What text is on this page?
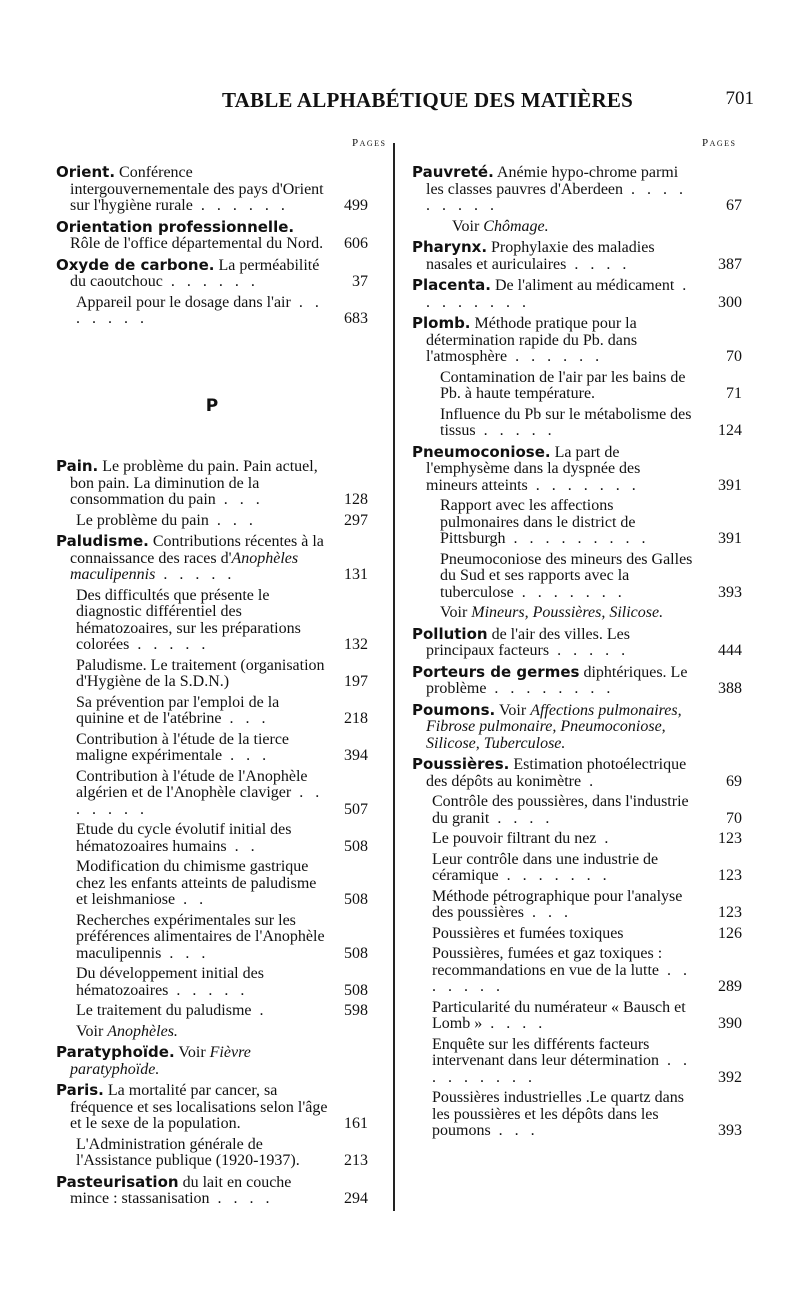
TABLE ALPHABÉTIQUE DES MATIÈRES	701
Pages	Pages
Orient. Conférence intergouvernementale des pays d'Orient sur l'hygiène rurale . . . . . .	499
Orientation professionnelle. Rôle de l'office départemental du Nord.	606
Oxyde de carbone. La perméabilité du caoutchouc . . . . . .	37
Appareil pour le dosage dans l'air . . . . . . .	683
P
Pain. Le problème du pain. Pain actuel, bon pain. La diminution de la consommation du pain . . .	128
Le problème du pain . . .	297
Paludisme. Contributions récentes à la connaissance des races d'Anophèles maculipennis . . . . .	131
Des difficultés que présente le diagnostic différentiel des hématozoaires, sur les préparations colorées . . . . .	132
Paludisme. Le traitement (organisation d'Hygiène de la S.D.N.)	197
Sa prévention par l'emploi de la quinine et de l'atébrine . . .	218
Contribution à l'étude de la tierce maligne expérimentale . . .	394
Contribution à l'étude de l'Anophèle algérien et de l'Anophèle claviger . . . . . . .	507
Etude du cycle évolutif initial des hématozoaires humains . .	508
Modification du chimisme gastrique chez les enfants atteints de paludisme et leishmaniose . .	508
Recherches expérimentales sur les préférences alimentaires de l'Anophèle maculipennis . . .	508
Du développement initial des hématozoaires . . . . .	508
Le traitement du paludisme .	598
Voir Anophèles.
Paratyphoïde. Voir Fièvre paratyphoïde.
Paris. La mortalité par cancer, sa fréquence et ses localisations selon l'âge et le sexe de la population.	161
L'Administration générale de l'Assistance publique (1920-1937).	213
Pasteurisation du lait en couche mince : stassanisation . . . .	294
Pauvreté. Anémie hypo-chrome parmi les classes pauvres d'Aberdeen . . . . . . . . .	67
Voir Chômage.
Pharynx. Prophylaxie des maladies nasales et auriculaires . . . .	387
Placenta. De l'aliment au médicament . . . . . . . .	300
Plomb. Méthode pratique pour la détermination rapide du Pb. dans l'atmosphère . . . . . .	70
Contamination de l'air par les bains de Pb. à haute température.	71
Influence du Pb sur le métabolisme des tissus . . . . .	124
Pneumoconiose. La part de l'emphysème dans la dyspnée des mineurs atteints . . . . . . .	391
Rapport avec les affections pulmonaires dans le district de Pittsburgh . . . . . . . . .	391
Pneumoconiose des mineurs des Galles du Sud et ses rapports avec la tuberculose . . . . . . .	393
Voir Mineurs, Poussières, Silicose.
Pollution de l'air des villes. Les principaux facteurs . . . . .	444
Porteurs de germes diphtériques. Le problème . . . . . . . .	388
Poumons. Voir Affections pulmonaires, Fibrose pulmonaire, Pneumoconiose, Silicose, Tuberculose.
Poussières. Estimation photoélectrique des dépôts au konimètre .	69
Contrôle des poussières, dans l'industrie du granit . . . .	70
Le pouvoir filtrant du nez .	123
Leur contrôle dans une industrie de céramique . . . . . . .	123
Méthode pétrographique pour l'analyse des poussières . . .	123
Poussières et fumées toxiques	126
Poussières, fumées et gaz toxiques : recommandations en vue de la lutte . . . . . . .	289
Particularité du numérateur « Bausch et Lomb » . . . .	390
Enquête sur les différents facteurs intervenant dans leur détermination . . . . . . . . .	392
Poussières industrielles .Le quartz dans les poussières et les dépôts dans les poumons . . .	393
